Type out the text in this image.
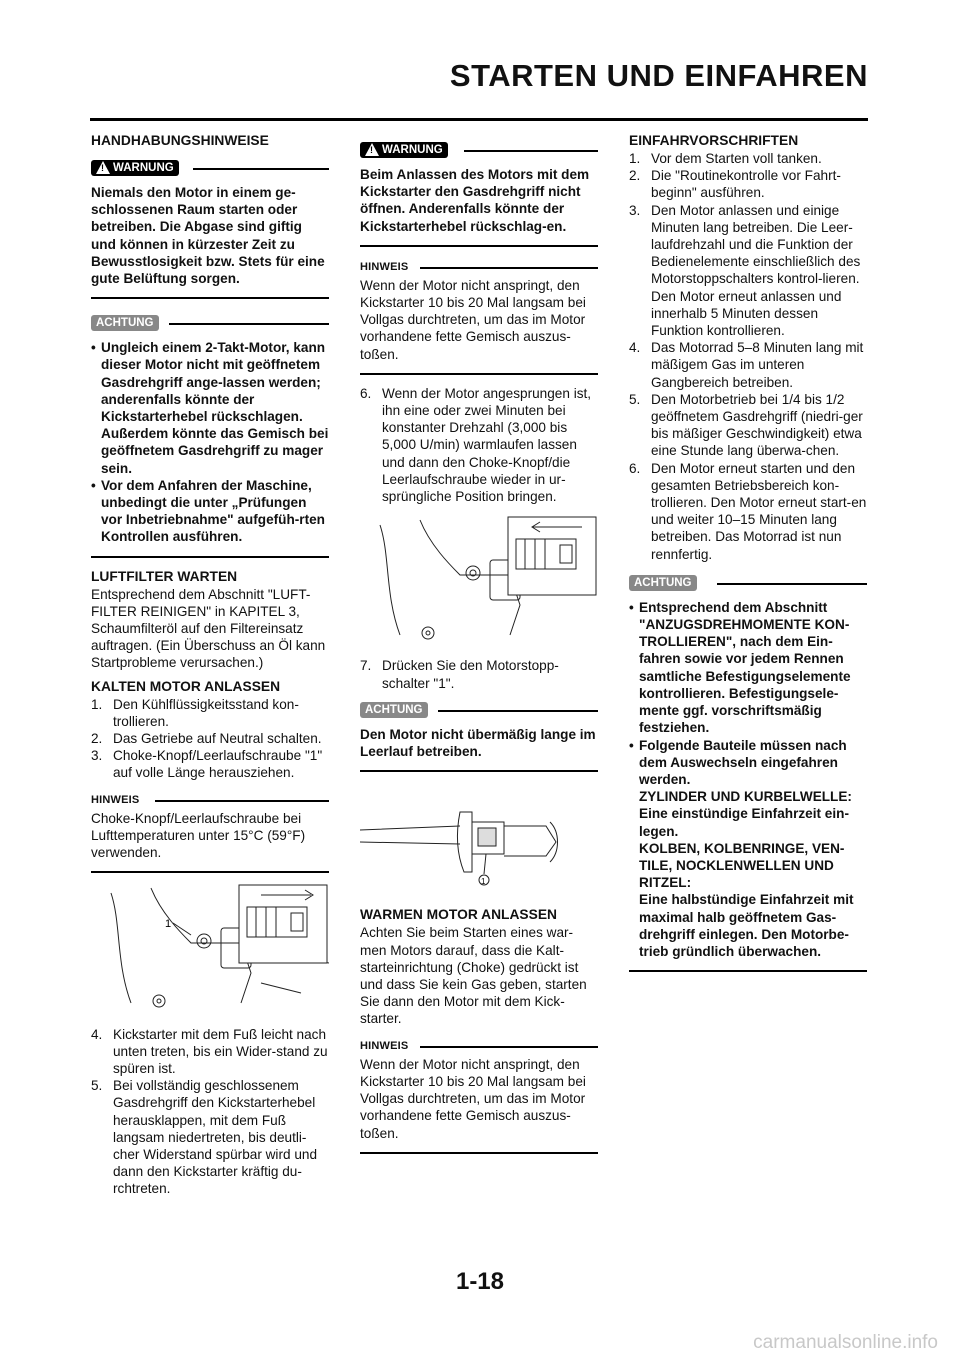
STARTEN UND EINFAHREN
HANDHABUNGSHINWEISE
! WARNUNG

Niemals den Motor in einem ge-schlossenen Raum starten oder betreiben. Die Abgase sind giftig und können in kürzester Zeit zu Bewusstlosigkeit bzw. Stets für eine gute Belüftung sorgen.

ACHTUNG
• Ungleich einem 2-Takt-Motor, kann dieser Motor nicht mit geöffnetem Gasdrehgriff ange-lassen werden; anderenfalls könnte der Kickstarterhebel rückschlagen. Außerdem könnte das Gemisch bei geöffnetem Gasdrehgriff zu mager sein.
• Vor dem Anfahren der Maschine, unbedingt die unter „Prüfungen vor Inbetriebnahme" aufgefüh-rten Kontrollen ausführen.
LUFTFILTER WARTEN

Entsprechend dem Abschnitt "LUFT-FILTER REINIGEN" in KAPITEL 3, Schaumfilteröl auf den Filtereinsatz auftragen. (Ein Überschuss an Öl kann Startprobleme verursachen.)

KALTEN MOTOR ANLASSEN
1. Den Kühlflüssigkeitsstand kon-trollieren.
2. Das Getriebe auf Neutral schalten.
3. Choke-Knopf/Leerlaufschraube "1" auf volle Länge herausziehen.
HINWEIS

Choke-Knopf/Leerlaufschraube bei Lufttemperaturen unter 15°C (59°F) verwenden.

1
4. Kickstarter mit dem Fuß leicht nach unten treten, bis ein Wider-stand zu spüren ist.
5. Bei vollständig geschlossenem Gasdrehgriff den Kickstarterhebel herausklappen, mit dem Fuß langsam niedertreten, bis deutli-cher Widerstand spürbar wird und dann den Kickstarter kräftig du-rchtreten.
! WARNUNG

Beim Anlassen des Motors mit dem Kickstarter den Gasdrehgriff nicht öffnen. Anderenfalls könnte der Kickstarterhebel rückschlag-en.

HINWEIS

Wenn der Motor nicht anspringt, den Kickstarter 10 bis 20 Mal langsam bei Vollgas durchtreten, um das im Motor vorhandene fette Gemisch auszus-toßen.

6. Wenn der Motor angesprungen ist, ihn eine oder zwei Minuten bei konstanter Drehzahl (3,000 bis 5,000 U/min) warmlaufen lassen und dann den Choke-Knopf/die Leerlaufschraube wieder in ur-sprüngliche Position bringen.
7. Drücken Sie den Motorstopp-schalter "1".
ACHTUNG

Den Motor nicht übermäßig lange im Leerlauf betreiben.

1
WARMEN MOTOR ANLASSEN

Achten Sie beim Starten eines war-men Motors darauf, dass die Kalt-starteinrichtung (Choke) gedrückt ist und dass Sie kein Gas geben, starten Sie dann den Motor mit dem Kick-starter.

HINWEIS

Wenn der Motor nicht anspringt, den Kickstarter 10 bis 20 Mal langsam bei Vollgas durchtreten, um das im Motor vorhandene fette Gemisch auszus-toßen.

EINFAHRVORSCHRIFTEN
1. Vor dem Starten voll tanken.
2. Die "Routinekontrolle vor Fahrt-beginn" ausführen.
3. Den Motor anlassen und einige Minuten lang betreiben. Die Leer-laufdrehzahl und die Funktion der Bedienelemente einschließlich des Motorstoppschalters kontrol-lieren. Den Motor erneut anlassen und innerhalb 5 Minuten dessen Funktion kontrollieren.
4. Das Motorrad 5–8 Minuten lang mit mäßigem Gas im unteren Gangbereich betreiben.
5. Den Motorbetrieb bei 1/4 bis 1/2 geöffnetem Gasdrehgriff (niedri-ger bis mäßiger Geschwindigkeit) etwa eine Stunde lang überwa-chen.
6. Den Motor erneut starten und den gesamten Betriebsbereich kon-trollieren. Den Motor erneut start-en und weiter 10–15 Minuten lang betreiben. Das Motorrad ist nun rennfertig.
ACHTUNG
• Entsprechend dem Abschnitt "ANZUGSDREHMOMENTE KON-TROLLIEREN", nach dem Ein-fahren sowie vor jedem Rennen samtliche Befestigungselemente kontrollieren. Befestigungsele-mente ggf. vorschriftsmäßig festziehen.
• Folgende Bauteile müssen nach dem Auswechseln eingefahren werden.
ZYLINDER UND KURBELWELLE: Eine einstündige Einfahrzeit ein-legen.
KOLBEN, KOLBENRINGE, VEN-TILE, NOCKLENWELLEN UND RITZEL:
Eine halbstündige Einfahrzeit mit maximal halb geöffnetem Gas-drehgriff einlegen. Den Motorbe-trieb gründlich überwachen.
1-18
carmanualsonline.info
